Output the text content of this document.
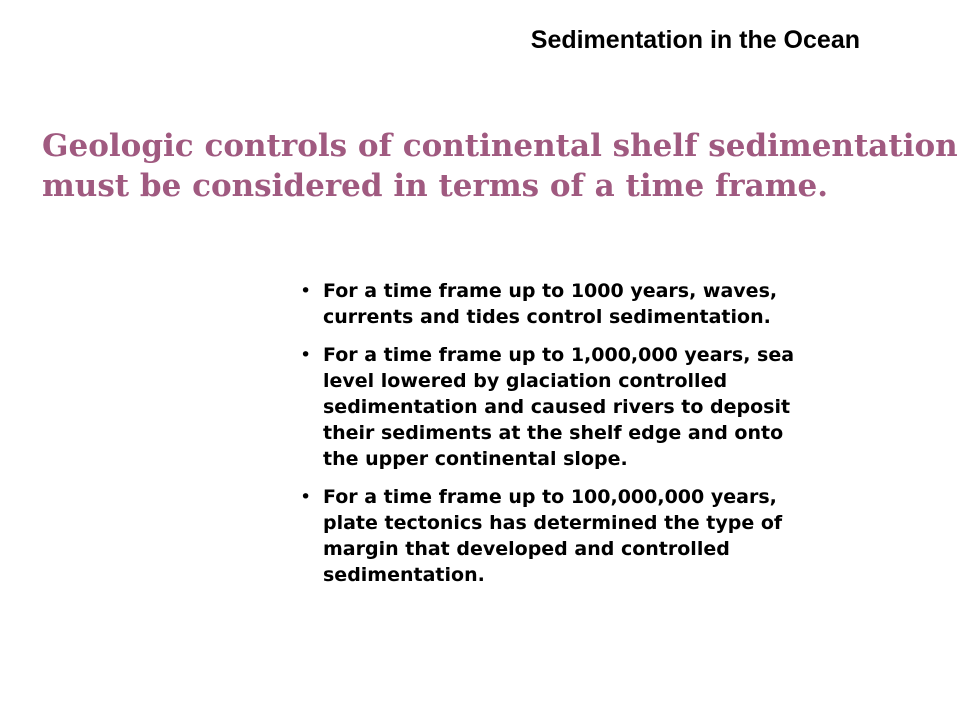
Sedimentation in the Ocean
Geologic controls of continental shelf sedimentation
must be considered in terms of a time frame.
• For a time frame up to 1000 years, waves,
currents and tides control sedimentation.
• For a time frame up to 1,000,000 years, sea
level lowered by glaciation controlled
sedimentation and caused rivers to deposit
their sediments at the shelf edge and onto
the upper continental slope.
• For a time frame up to 100,000,000 years,
plate tectonics has determined the type of
margin that developed and controlled
sedimentation.
